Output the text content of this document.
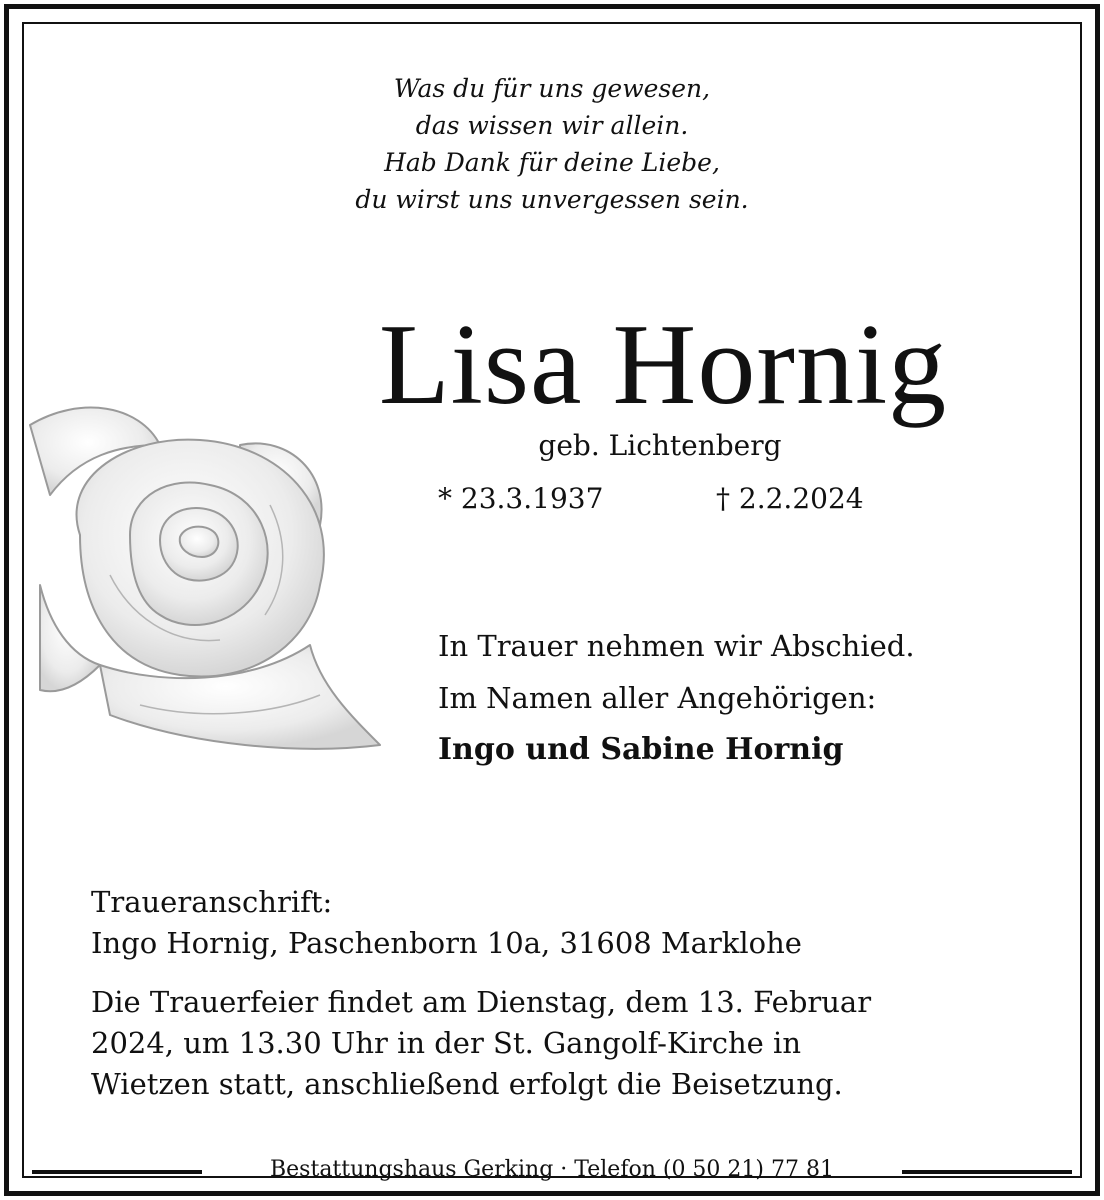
Was du für uns gewesen,
das wissen wir allein.
Hab Dank für deine Liebe,
du wirst uns unvergessen sein.
Lisa Hornig
geb. Lichtenberg
* 23.3.1937	† 2.2.2024
In Trauer nehmen wir Abschied.
Im Namen aller Angehörigen:
Ingo und Sabine Hornig
Traueranschrift:
Ingo Hornig, Paschenborn 10a, 31608 Marklohe
Die Trauerfeier findet am Dienstag, dem 13. Februar
2024, um 13.30 Uhr in der St. Gangolf-Kirche in
Wietzen statt, anschließend erfolgt die Beisetzung.
Bestattungshaus Gerking · Telefon (0 50 21) 77 81
